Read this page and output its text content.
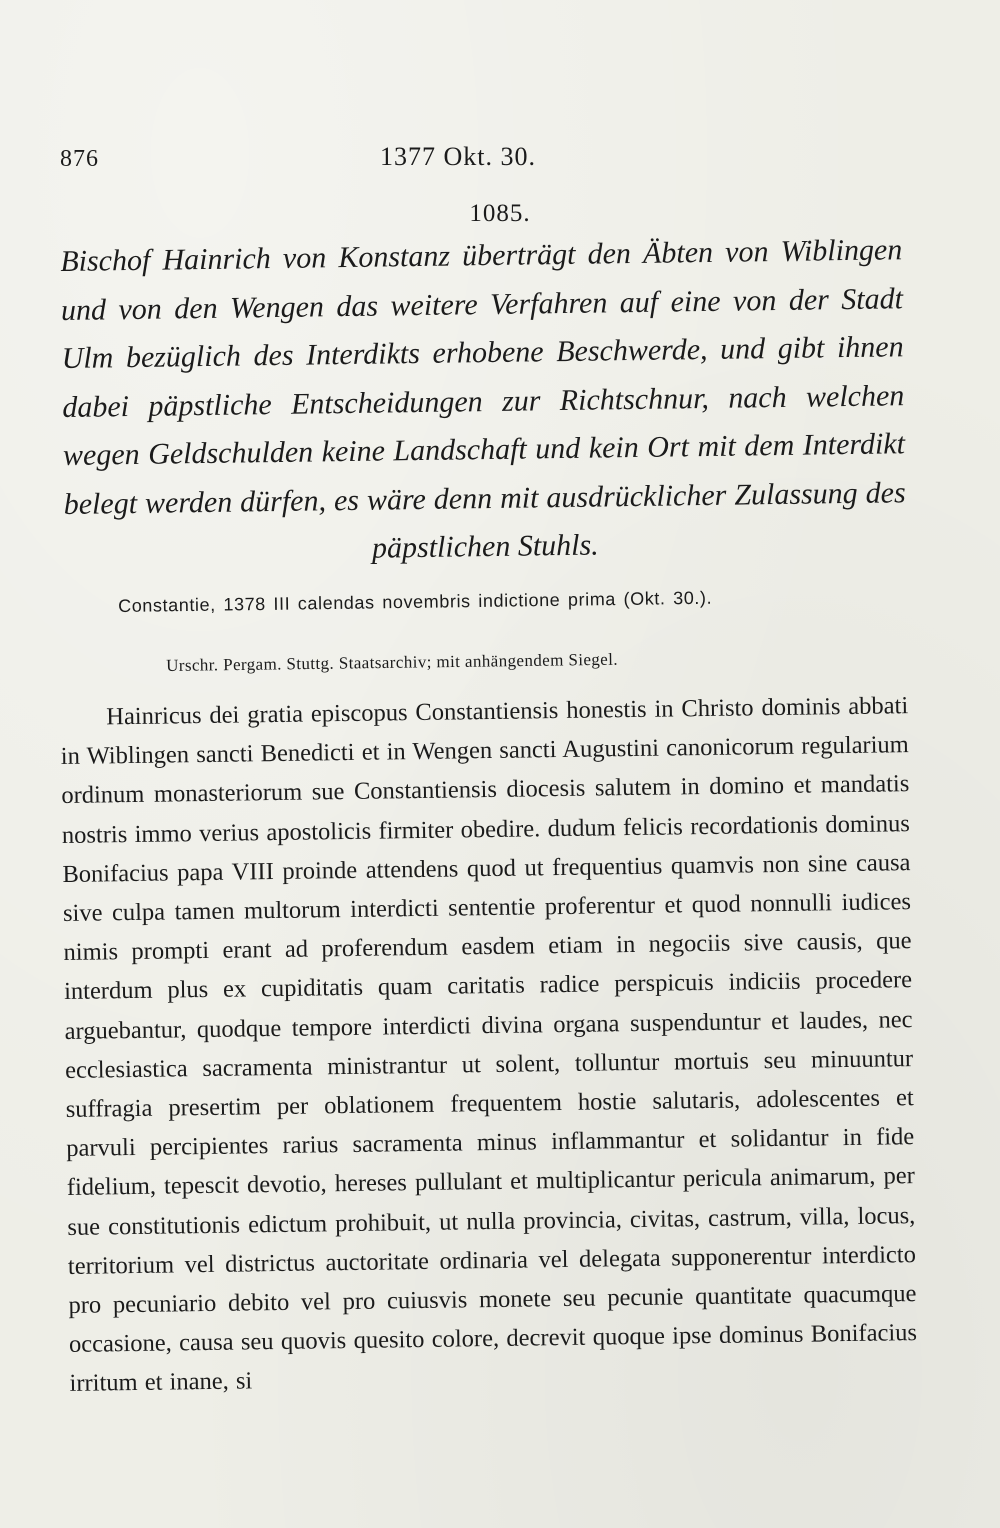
876	1377 Okt. 30.
1085.
Bischof Hainrich von Konstanz überträgt den Äbten von Wiblingen und von den Wengen das weitere Verfahren auf eine von der Stadt Ulm bezüglich des Interdikts erhobene Beschwerde, und gibt ihnen dabei päpstliche Entscheidungen zur Richtschnur, nach welchen wegen Geldschulden keine Landschaft und kein Ort mit dem Interdikt belegt werden dürfen, es wäre denn mit ausdrücklicher Zulassung des päpstlichen Stuhls.
Constantie, 1378 III calendas novembris indictione prima (Okt. 30.).
Urschr. Pergam. Stuttg. Staatsarchiv; mit anhängendem Siegel.
Hainricus dei gratia episcopus Constantiensis honestis in Christo dominis abbati in Wiblingen sancti Benedicti et in Wengen sancti Augustini canonicorum regularium ordinum monasteriorum sue Constantiensis diocesis salutem in domino et mandatis nostris immo verius apostolicis firmiter obedire. dudum felicis recordationis dominus Bonifacius papa VIII proinde attendens quod ut frequentius quamvis non sine causa sive culpa tamen multorum interdicti sententie proferentur et quod nonnulli iudices nimis prompti erant ad proferendum easdem etiam in negociis sive causis, que interdum plus ex cupiditatis quam caritatis radice perspicuis indiciis procedere arguebantur, quodque tempore interdicti divina organa suspenduntur et laudes, nec ecclesiastica sacramenta ministrantur ut solent, tolluntur mortuis seu minuuntur suffragia presertim per oblationem frequentem hostie salutaris, adolescentes et parvuli percipientes rarius sacramenta minus inflammantur et solidantur in fide fidelium, tepescit devotio, hereses pullulant et multiplicantur pericula animarum, per sue constitutionis edictum prohibuit, ut nulla provincia, civitas, castrum, villa, locus, territorium vel districtus auctoritate ordinaria vel delegata supponerentur interdicto pro pecuniario debito vel pro cuiusvis monete seu pecunie quantitate quacumque occasione, causa seu quovis quesito colore, decrevit quoque ipse dominus Bonifacius irritum et inane, si
